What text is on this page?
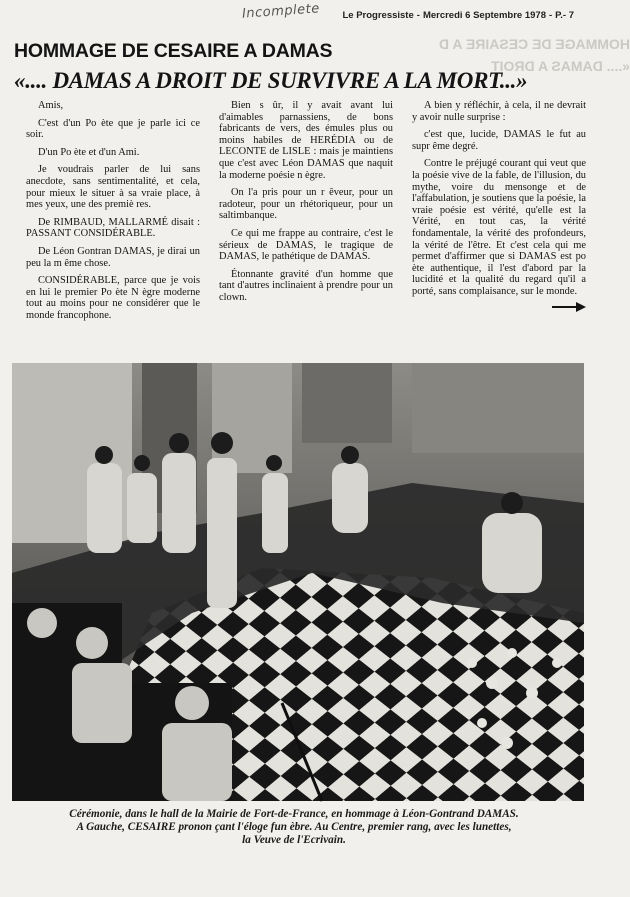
Incomplete	Le Progressiste - Mercredi 6 Septembre 1978 - P.- 7
HOMMAGE DE CESAIRE A DAMAS
«.... DAMAS A DROIT DE SURVIVRE A LA MORT...»
HOMMAGE DE CESAIRE A D
«.... DAMAS A DROIT

Amis,

C'est d'un Po ète que je parle ici ce soir.

D'un Po ète et d'un Ami.

Je voudrais parler de lui sans anecdote, sans sentimentalité, et cela, pour mieux le situer à sa vraie place, à mes yeux, une des premiè res.

De RIMBAUD, MALLARMÉ disait : PASSANT CONSIDÉRABLE.

De Léon Gontran DAMAS, je dirai un peu la m ême chose.

CONSIDÉRABLE, parce que je vois en lui le premier Po ète N ègre moderne tout au moins pour ne considérer que le monde francophone.

Bien s ûr, il y avait avant lui d'aimables parnassiens, de bons fabricants de vers, des émules plus ou moins habiles de HERÉDIA ou de LECONTE de LISLE : mais je maintiens que c'est avec Léon DAMAS que naquit la moderne poésie n ègre.

On l'a pris pour un r êveur, pour un radoteur, pour un rhétoriqueur, pour un saltimbanque.

Ce qui me frappe au contraire, c'est le sérieux de DAMAS, le tragique de DAMAS, le pathétique de DAMAS.

Étonnante gravité d'un homme que tant d'autres inclinaient à prendre pour un clown.

A bien y réfléchir, à cela, il ne devrait y avoir nulle surprise :

c'est que, lucide, DAMAS le fut au supr ême degré.

Contre le préjugé courant qui veut que la poésie vive de la fable, de l'illusion, du mythe, voire du mensonge et de l'affabulation, je soutiens que la poésie, la vraie poésie est vérité, qu'elle est la Vérité, en tout cas, la vérité fondamentale, la vérité des profondeurs, la vérité de l'être. Et c'est cela qui me permet d'affirmer que si DAMAS est po ète authentique, il l'est d'abord par la lucidité et la qualité du regard qu'il a porté, sans complaisance, sur le monde.

Cérémonie, dans le hall de la Mairie de Fort-de-France, en hommage à Léon-Gontrand DAMAS.
A Gauche, CESAIRE pronon çant l'éloge fun èbre. Au Centre, premier rang, avec les lunettes,
la Veuve de l'Ecrivain.
